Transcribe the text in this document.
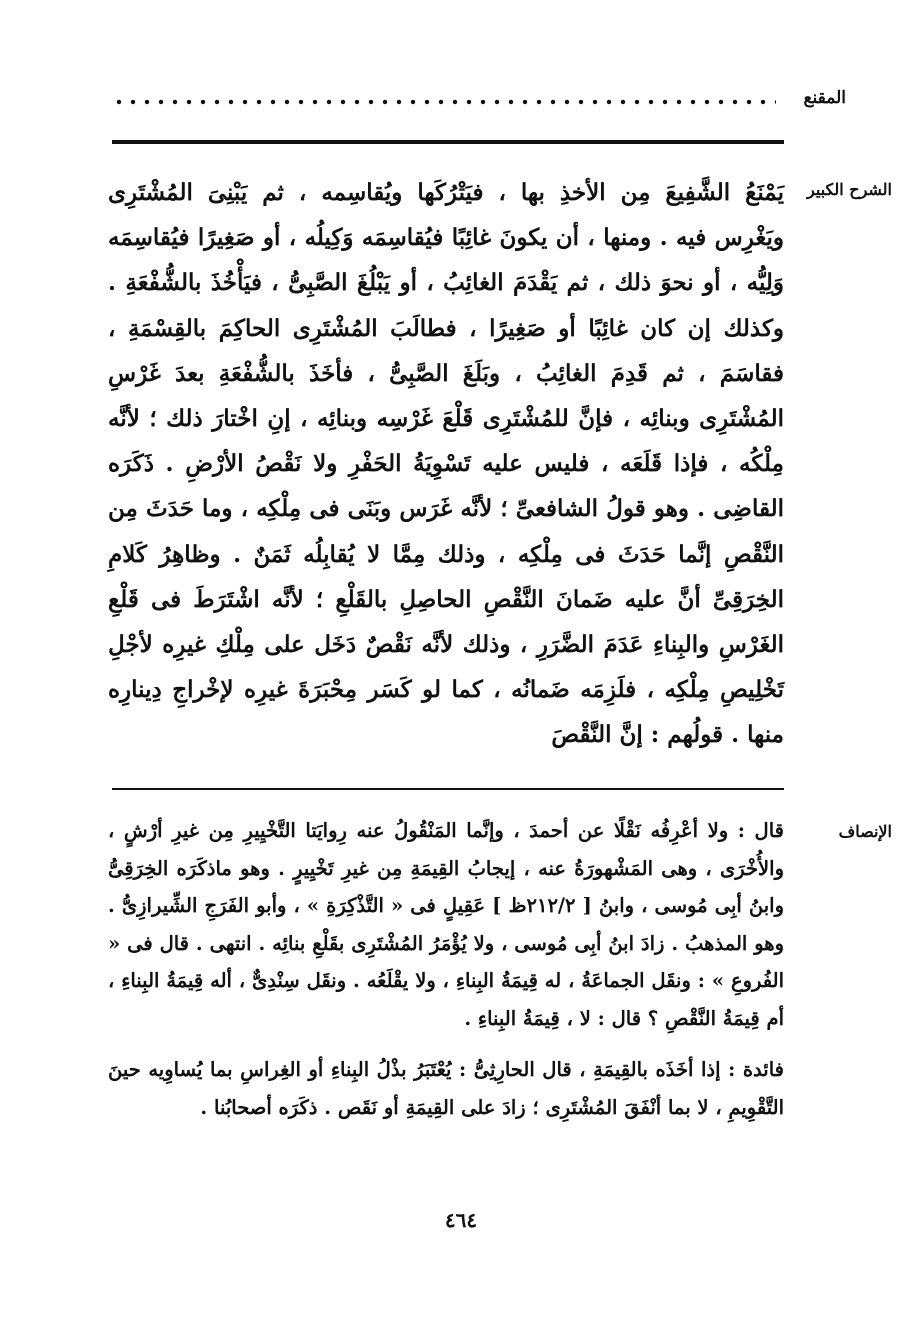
المقنع
الشرح الكبير

يَمْنَعُ الشَّفِيعَ مِن الأخذِ بها ، فيَتْرُكَها ويُقاسِمه ، ثم يَبْنِىَ المُشْتَرِى ويَغْرِس فيه . ومنها ، أن يكونَ غائِبًا فيُقاسِمَه وَكِيلُه ، أو صَغِيرًا فيُقاسِمَه وَلِيُّه ، أو نحوَ ذلك ، ثم يَقْدَمَ الغائِبُ ، أو يَبْلُغَ الصَّبِىُّ ، فيَأْخُذَ بالشُّفْعَةِ . وكذلك إن كان غائِبًا أو صَغِيرًا ، فطالَبَ المُشْتَرِى الحاكِمَ بالقِسْمَةِ ، فقاسَمَ ، ثم قَدِمَ الغائِبُ ، وبَلَغَ الصَّبِىُّ ، فأخَذَ بالشُّفْعَةِ بعدَ غَرْسِ المُشْتَرِى وبنائِه ، فإنَّ للمُشْتَرِى قَلْعَ غَرْسِه وبنائِه ، إنِ اخْتارَ ذلك ؛ لأنَّه مِلْكُه ، فإذا قَلَعَه ، فليس عليه تَسْوِيَةُ الحَفْرِ ولا نَقْصُ الأرْضِ . ذَكَرَه القاضِى . وهو قولُ الشافعىِّ ؛ لأنَّه غَرَس وبَنَى فى مِلْكِه ، وما حَدَثَ مِن النَّقْصِ إنَّما حَدَثَ فى مِلْكِه ، وذلك مِمَّا لا يُقابِلُه ثَمَنٌ . وظاهِرُ كَلامِ الخِرَقِىِّ أنَّ عليه ضَمانَ النَّقْصِ الحاصِلِ بالقَلْعِ ؛ لأنَّه اشْتَرَطَ فى قَلْعِ الغَرْسِ والبِناءِ عَدَمَ الضَّرَرِ ، وذلك لأنَّه نَقْصٌ دَخَل على مِلْكِ غيرِه لأجْلِ تَخْلِيصِ مِلْكِه ، فلَزِمَه ضَمانُه ، كما لو كَسَر مِحْبَرَةَ غيرِه لإخْراجِ دِينارِه منها . قولُهم : إنَّ النَّقْصَ

الإنصاف

قال : ولا أعْرِفُه نَقْلًا عن أحمدَ ، وإنَّما المَنْقُولُ عنه رِوايَتا التَّخْيِيرِ مِن غيرِ أرْشٍ ، والأُخْرَى ، وهى المَشْهورَةُ عنه ، إيجابُ القِيمَةِ مِن غيرِ تَخْيِيرٍ . وهو ماذكَرَه الخِرَقِىُّ وابنُ أبِى مُوسى ، وابنُ [ ٢١٢/٢ظ ] عَقِيلٍ فى « التَّذْكِرَةِ » ، وأبو الفَرَجِ الشِّيرازِىُّ . وهو المذهبُ . زادَ ابنُ أبِى مُوسى ، ولا يُؤْمَرُ المُشْتَرِى بقَلْعِ بنائِه . انتهى . قال فى « الفُروعِ » : ونقَل الجماعَةُ ، له قِيمَةُ البِناءِ ، ولا يقْلَعُه . ونقَل سِنْدِىٌّ ، أله قِيمَةُ البِناءِ ، أم قِيمَةُ النَّقْصِ ؟ قال : لا ، قِيمَةُ البِناءِ .

فائدة : إذا أخَذَه بالقِيمَةِ ، قال الحارِثِىُّ : يُعْتَبَرُ بذْلُ البِناءِ أو الغِراسِ بما يُساوِيه حينَ التَّقْوِيمِ ، لا بما أنْفَقَ المُشْتَرِى ؛ زادَ على القِيمَةِ أو نَقَص . ذكَرَه أصحابُنا .

٤٦٤
